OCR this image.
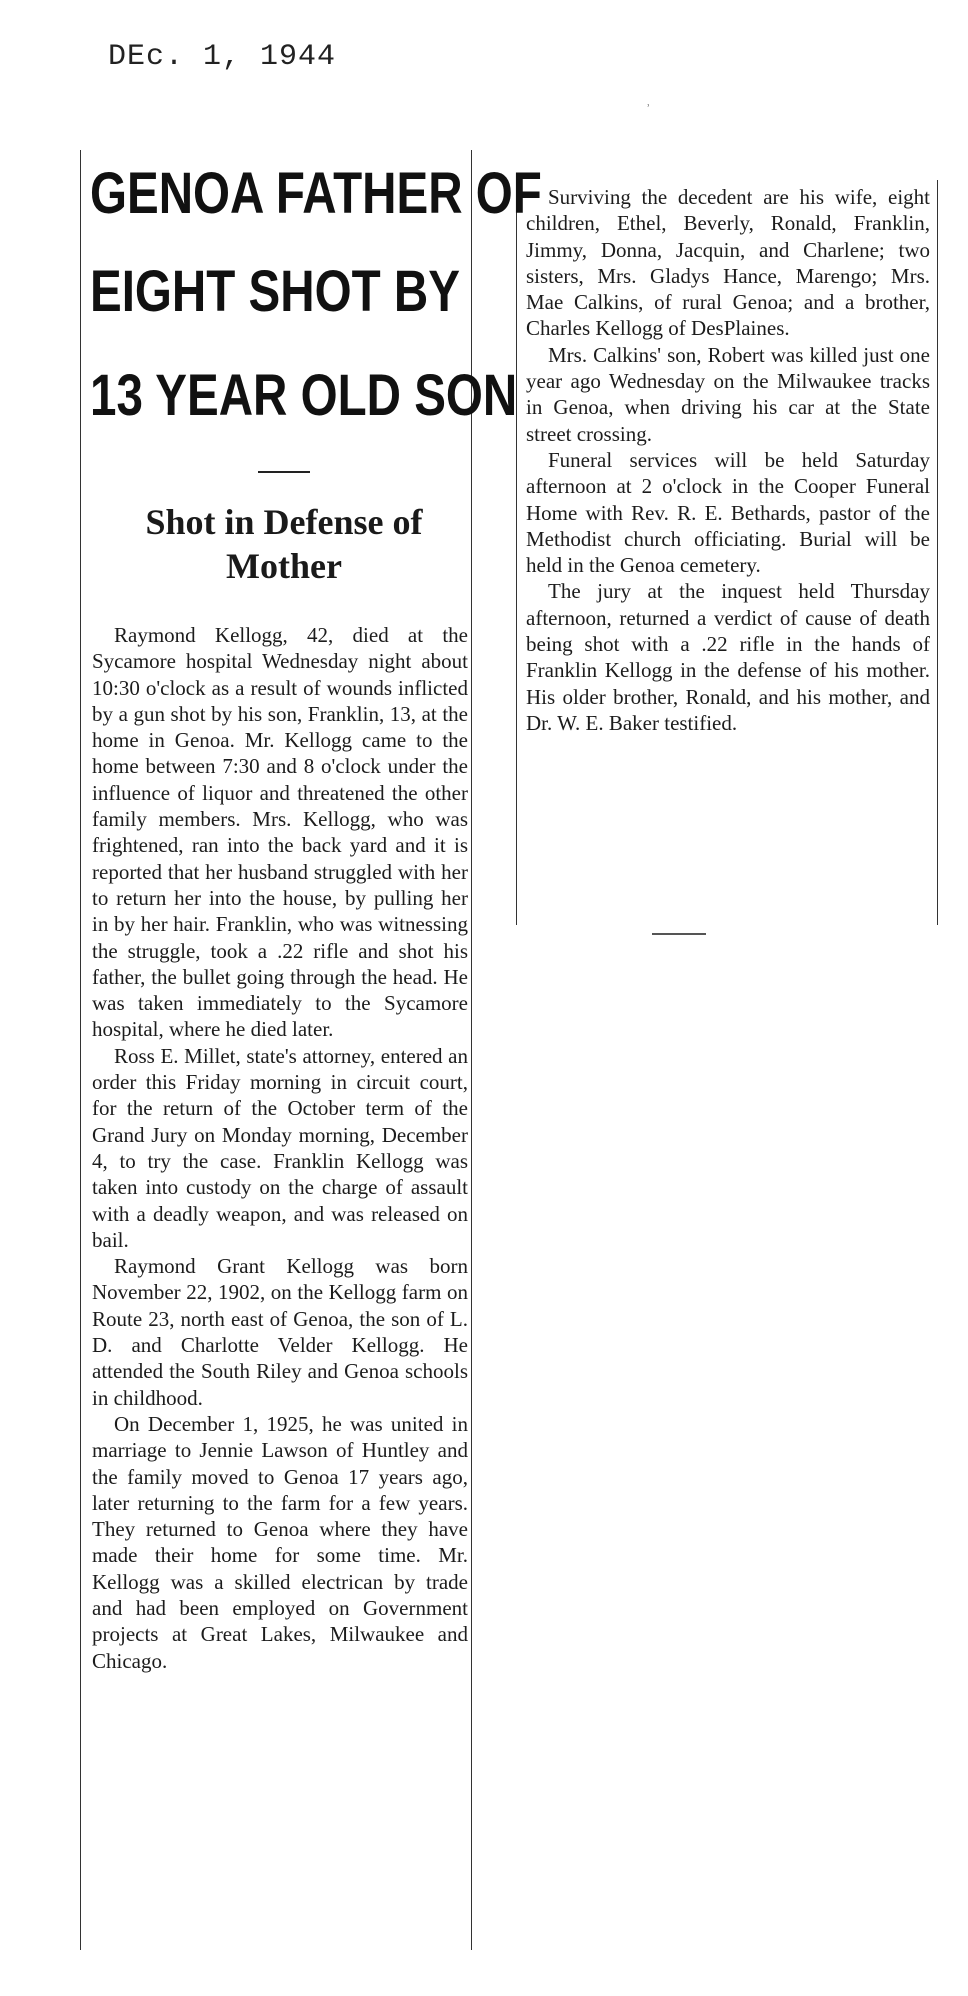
DEc. 1, 1944
GENOA FATHER OF
EIGHT SHOT BY
13 YEAR OLD SON
Shot in Defense of
Mother

Raymond Kellogg, 42, died at the Sycamore hospital Wednesday night about 10:30 o'clock as a result of wounds inflicted by a gun shot by his son, Franklin, 13, at the home in Genoa. Mr. Kellogg came to the home between 7:30 and 8 o'clock under the influence of liquor and threatened the other family members. Mrs. Kellogg, who was frightened, ran into the back yard and it is reported that her husband struggled with her to return her into the house, by pulling her in by her hair. Franklin, who was witnessing the struggle, took a .22 rifle and shot his father, the bullet going through the head. He was taken immediately to the Sycamore hospital, where he died later.

Ross E. Millet, state's attorney, entered an order this Friday morning in circuit court, for the return of the October term of the Grand Jury on Monday morning, December 4, to try the case. Franklin Kellogg was taken into custody on the charge of assault with a deadly weapon, and was released on bail.

Raymond Grant Kellogg was born November 22, 1902, on the Kellogg farm on Route 23, north east of Genoa, the son of L. D. and Charlotte Velder Kellogg. He attended the South Riley and Genoa schools in childhood.

On December 1, 1925, he was united in marriage to Jennie Lawson of Huntley and the family moved to Genoa 17 years ago, later returning to the farm for a few years. They returned to Genoa where they have made their home for some time. Mr. Kellogg was a skilled electrican by trade and had been employed on Government projects at Great Lakes, Milwaukee and Chicago.

Surviving the decedent are his wife, eight children, Ethel, Beverly, Ronald, Franklin, Jimmy, Donna, Jacquin, and Charlene; two sisters, Mrs. Gladys Hance, Marengo; Mrs. Mae Calkins, of rural Genoa; and a brother, Charles Kellogg of DesPlaines.

Mrs. Calkins' son, Robert was killed just one year ago Wednesday on the Milwaukee tracks in Genoa, when driving his car at the State street crossing.

Funeral services will be held Saturday afternoon at 2 o'clock in the Cooper Funeral Home with Rev. R. E. Bethards, pastor of the Methodist church officiating. Burial will be held in the Genoa cemetery.

The jury at the inquest held Thursday afternoon, returned a verdict of cause of death being shot with a .22 rifle in the hands of Franklin Kellogg in the defense of his mother. His older brother, Ronald, and his mother, and Dr. W. E. Baker testified.

˒
